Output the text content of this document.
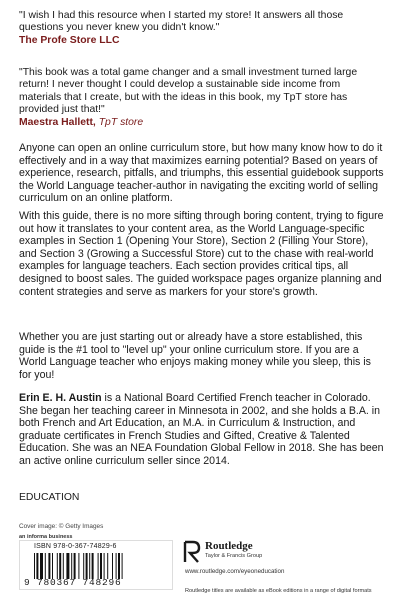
"I wish I had this resource when I started my store! It answers all those questions you never knew you didn't know."
The Profe Store LLC
"This book was a total game changer and a small investment turned large return! I never thought I could develop a sustainable side income from materials that I create, but with the ideas in this book, my TpT store has provided just that!"
Maestra Hallett, TpT store

Anyone can open an online curriculum store, but how many know how to do it effectively and in a way that maximizes earning potential? Based on years of experience, research, pitfalls, and triumphs, this essential guidebook supports the World Language teacher-author in navigating the exciting world of selling curriculum on an online platform.

With this guide, there is no more sifting through boring content, trying to figure out how it translates to your content area, as the World Language-specific examples in Section 1 (Opening Your Store), Section 2 (Filling Your Store), and Section 3 (Growing a Successful Store) cut to the chase with real-world examples for language teachers. Each section provides critical tips, all designed to boost sales. The guided workspace pages organize planning and content strategies and serve as markers for your store's growth.

Whether you are just starting out or already have a store established, this guide is the #1 tool to "level up" your online curriculum store. If you are a World Language teacher who enjoys making money while you sleep, this is for you!

Erin E. H. Austin is a National Board Certified French teacher in Colorado. She began her teaching career in Minnesota in 2002, and she holds a B.A. in both French and Art Education, an M.A. in Curriculum & Instruction, and graduate certificates in French Studies and Gifted, Creative & Talented Education. She was an NEA Foundation Global Fellow in 2018. She has been an active online curriculum seller since 2014.

EDUCATION
Cover image: © Getty Images
an informa business
ISBN 978-0-367-74829-6
9 780367 748296
Routledge
Taylor & Francis Group
www.routledge.com/eyeoneducation
Routledge titles are available as eBook editions in a range of digital formats
